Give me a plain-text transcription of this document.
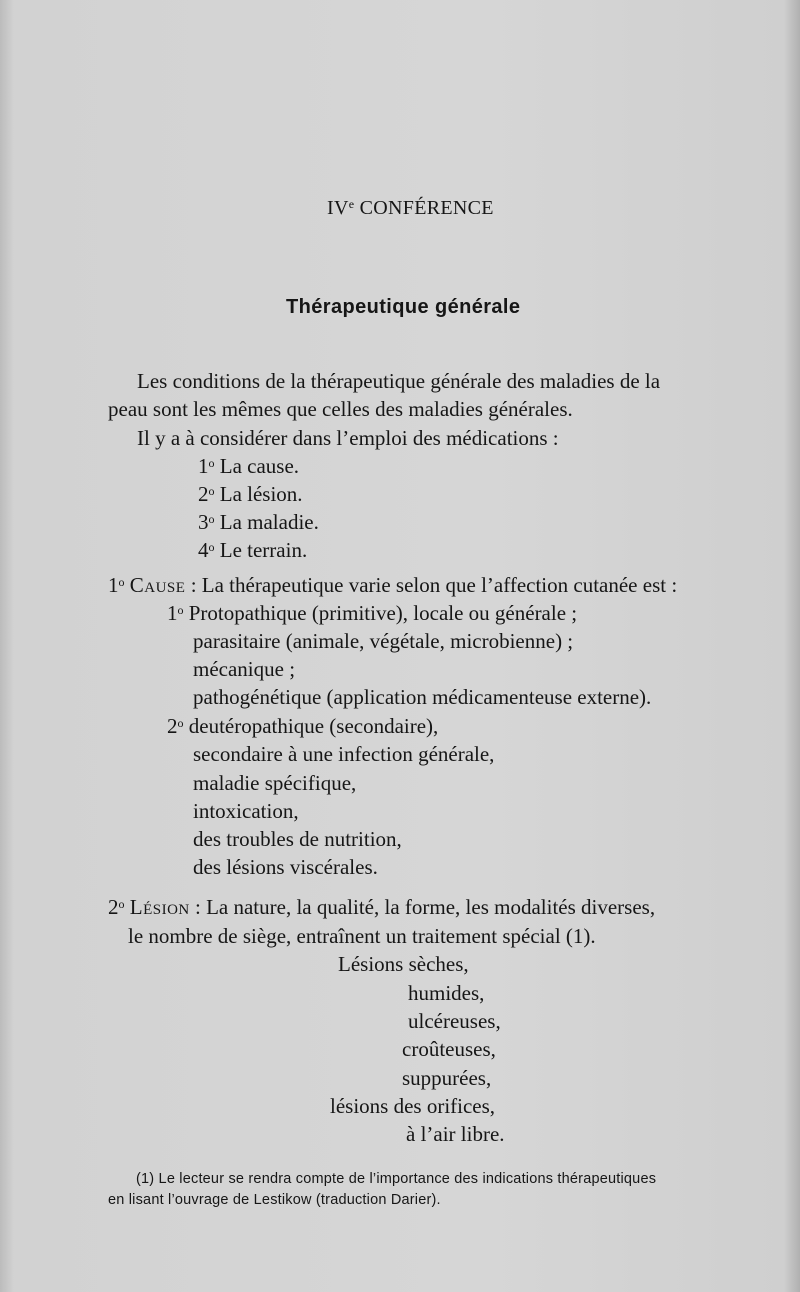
IVe CONFÉRENCE
Thérapeutique générale
Les conditions de la thérapeutique générale des maladies de la
peau sont les mêmes que celles des maladies générales.
Il y a à considérer dans l’emploi des médications :
1$^o$ La cause.
2$^o$ La lésion.
3$^o$ La maladie.
4$^o$ Le terrain.
1$^o$ Cause : La thérapeutique varie selon que l’affection cutanée est :
1$^o$ Protopathique (primitive), locale ou générale ;
parasitaire (animale, végétale, microbienne) ;
mécanique ;
pathogénétique (application médicamenteuse externe).
2$^o$ deutéropathique (secondaire),
secondaire à une infection générale,
maladie spécifique,
intoxication,
des troubles de nutrition,
des lésions viscérales.
2$^o$ Lésion : La nature, la qualité, la forme, les modalités diverses,
le nombre de siège, entraînent un traitement spécial (1).
Lésions sèches,
humides,
ulcéreuses,
croûteuses,
suppurées,
lésions des orifices,
à l’air libre.
(1) Le lecteur se rendra compte de l’importance des indications thérapeutiques
en lisant l’ouvrage de Lestikow (traduction Darier).
